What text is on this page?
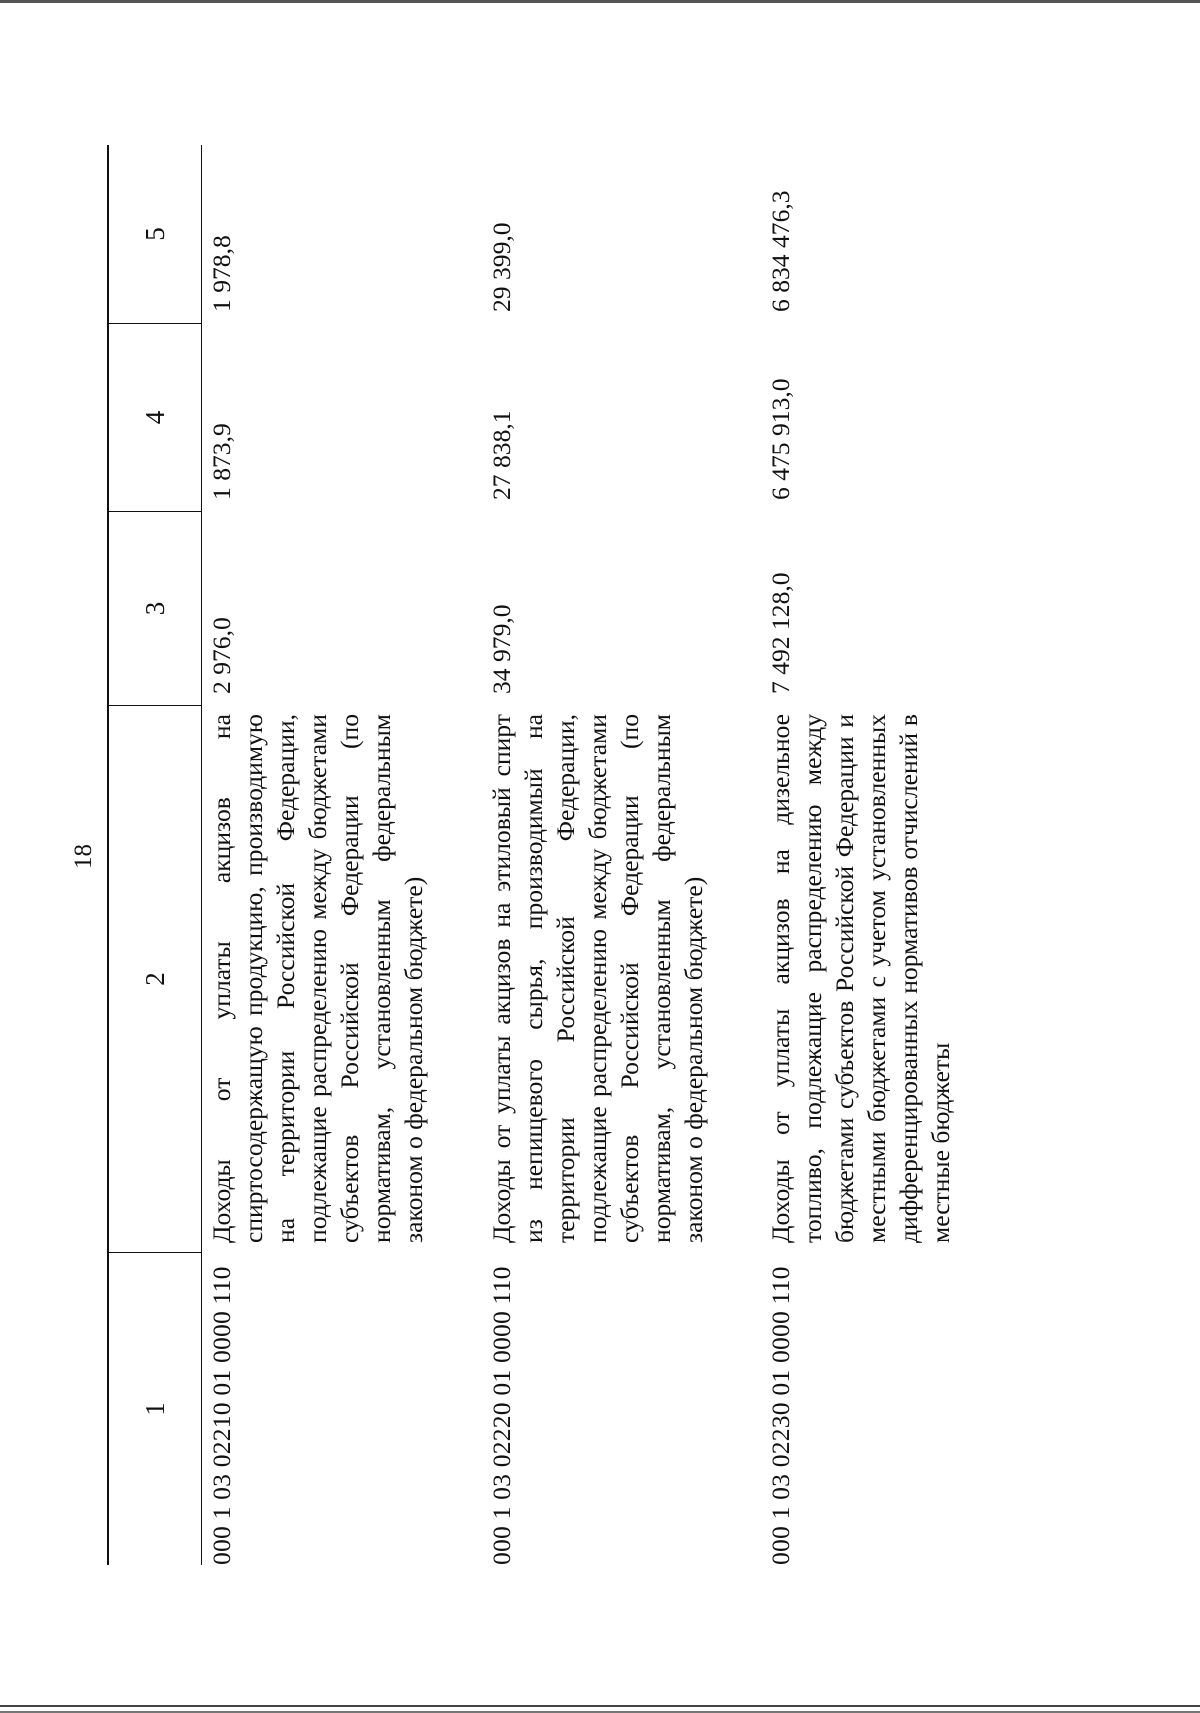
18
1
2
3
4
5
000 1 03 02210 01 0000 110
Доходы от уплаты акцизов на спиртосодержащую продукцию, производимую на территории Российской Федерации, подлежащие распределению между бюджетами субъектов Российской Федерации (по нормативам, установленным федеральным законом о федеральном бюджете)
2 976,0
1 873,9
1 978,8
000 1 03 02220 01 0000 110
Доходы от уплаты акцизов на этиловый спирт из непищевого сырья, производимый на территории Российской Федерации, подлежащие распределению между бюджетами субъектов Российской Федерации (по нормативам, установленным федеральным законом о федеральном бюджете)
34 979,0
27 838,1
29 399,0
000 1 03 02230 01 0000 110
Доходы от уплаты акцизов на дизельное топливо, подлежащие распределению между бюджетами субъектов Российской Федерации и местными бюджетами с учетом установленных дифференцированных нормативов отчислений в местные бюджеты
7 492 128,0
6 475 913,0
6 834 476,3
